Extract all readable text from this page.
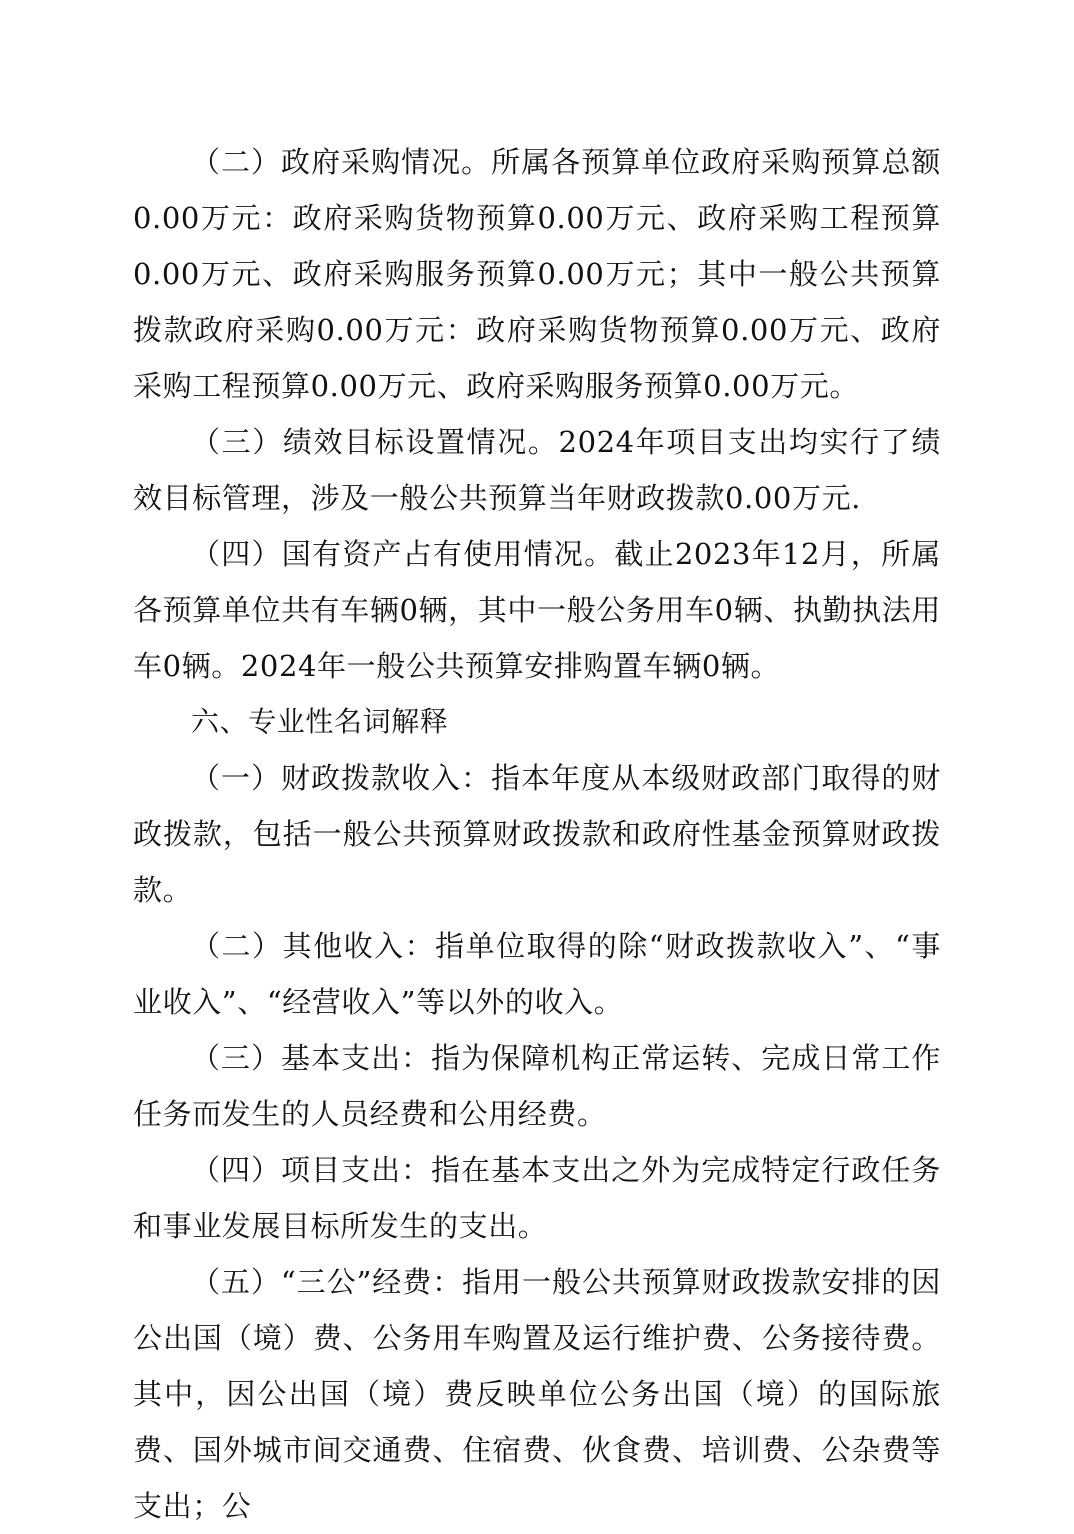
（二）政府采购情况。所属各预算单位政府采购预算总额0.00万元：政府采购货物预算0.00万元、政府采购工程预算0.00万元、政府采购服务预算0.00万元；其中一般公共预算拨款政府采购0.00万元：政府采购货物预算0.00万元、政府采购工程预算0.00万元、政府采购服务预算0.00万元。

（三）绩效目标设置情况。2024年项目支出均实行了绩效目标管理，涉及一般公共预算当年财政拨款0.00万元.

（四）国有资产占有使用情况。截止2023年12月，所属各预算单位共有车辆0辆，其中一般公务用车0辆、执勤执法用车0辆。2024年一般公共预算安排购置车辆0辆。

六、专业性名词解释

（一）财政拨款收入：指本年度从本级财政部门取得的财政拨款，包括一般公共预算财政拨款和政府性基金预算财政拨款。

（二）其他收入：指单位取得的除“财政拨款收入”、“事业收入”、“经营收入”等以外的收入。

（三）基本支出：指为保障机构正常运转、完成日常工作任务而发生的人员经费和公用经费。

（四）项目支出：指在基本支出之外为完成特定行政任务和事业发展目标所发生的支出。

（五）“三公”经费：指用一般公共预算财政拨款安排的因公出国（境）费、公务用车购置及运行维护费、公务接待费。其中，因公出国（境）费反映单位公务出国（境）的国际旅费、国外城市间交通费、住宿费、伙食费、培训费、公杂费等支出；公
